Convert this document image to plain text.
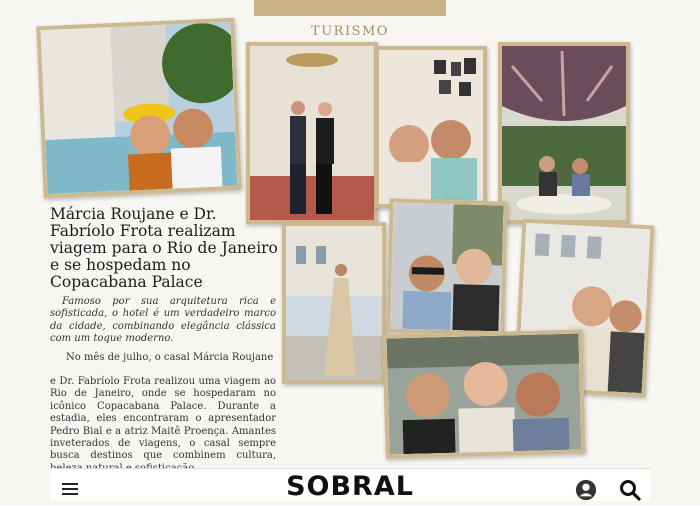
TURISMO
Márcia Roujane e Dr. Fabríolo Frota realizam viagem para o Rio de Janeiro e se hospedam no Copacabana Palace

Famoso por sua arquitetura rica e sofisticada, o hotel é um verdadeiro marco da cidade, combinando elegância clássica com um toque moderno.

No mês de julho, o casal Márcia Roujane

e Dr. Fabríolo Frota realizou uma viagem ao Rio de Janeiro, onde se hospedaram no icônico Copacabana Palace. Durante a estadia, eles encontraram o apresentador Pedro Bial e a atriz Maitê Proença. Amantes inveterados de viagens, o casal sempre busca destinos que combinem cultura,

SOBRAL
